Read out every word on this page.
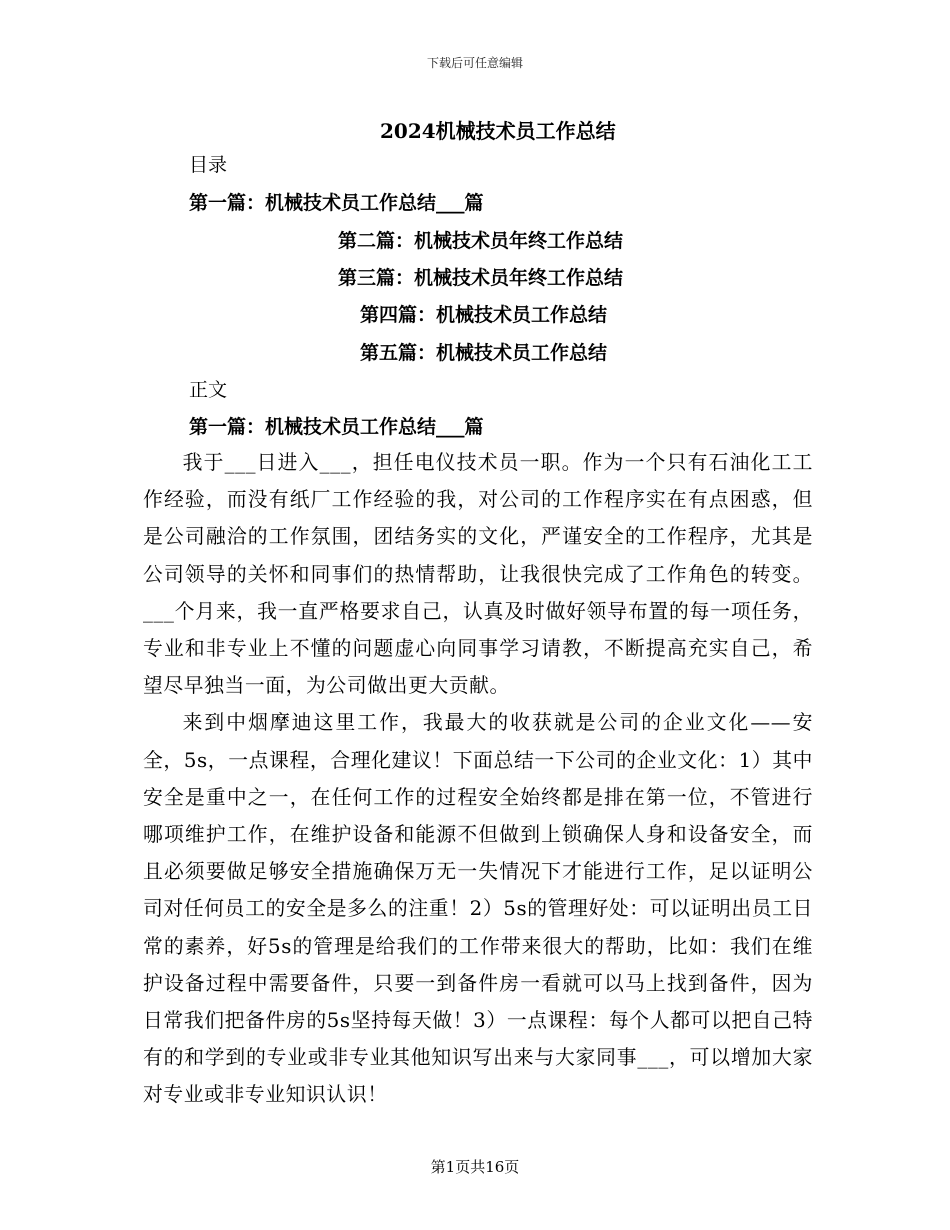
下载后可任意编辑
2024机械技术员工作总结
目录
第一篇：机械技术员工作总结___篇
第二篇：机械技术员年终工作总结
第三篇：机械技术员年终工作总结
第四篇：机械技术员工作总结
第五篇：机械技术员工作总结
正文
第一篇：机械技术员工作总结___篇

我于___日进入___，担任电仪技术员一职。作为一个只有石油化工工作经验，而没有纸厂工作经验的我，对公司的工作程序实在有点困惑，但是公司融洽的工作氛围，团结务实的文化，严谨安全的工作程序，尤其是公司领导的关怀和同事们的热情帮助，让我很快完成了工作角色的转变。___个月来，我一直严格要求自己，认真及时做好领导布置的每一项任务，专业和非专业上不懂的问题虚心向同事学习请教，不断提高充实自己，希望尽早独当一面，为公司做出更大贡献。

来到中烟摩迪这里工作，我最大的收获就是公司的企业文化——安全，5s，一点课程，合理化建议！下面总结一下公司的企业文化：1）其中安全是重中之一，在任何工作的过程安全始终都是排在第一位，不管进行哪项维护工作，在维护设备和能源不但做到上锁确保人身和设备安全，而且必须要做足够安全措施确保万无一失情况下才能进行工作，足以证明公司对任何员工的安全是多么的注重！2）5s的管理好处：可以证明出员工日常的素养，好5s的管理是给我们的工作带来很大的帮助，比如：我们在维护设备过程中需要备件，只要一到备件房一看就可以马上找到备件，因为日常我们把备件房的5s坚持每天做！3）一点课程：每个人都可以把自己特有的和学到的专业或非专业其他知识写出来与大家同事___，可以增加大家对专业或非专业知识认识！

第1页共16页
